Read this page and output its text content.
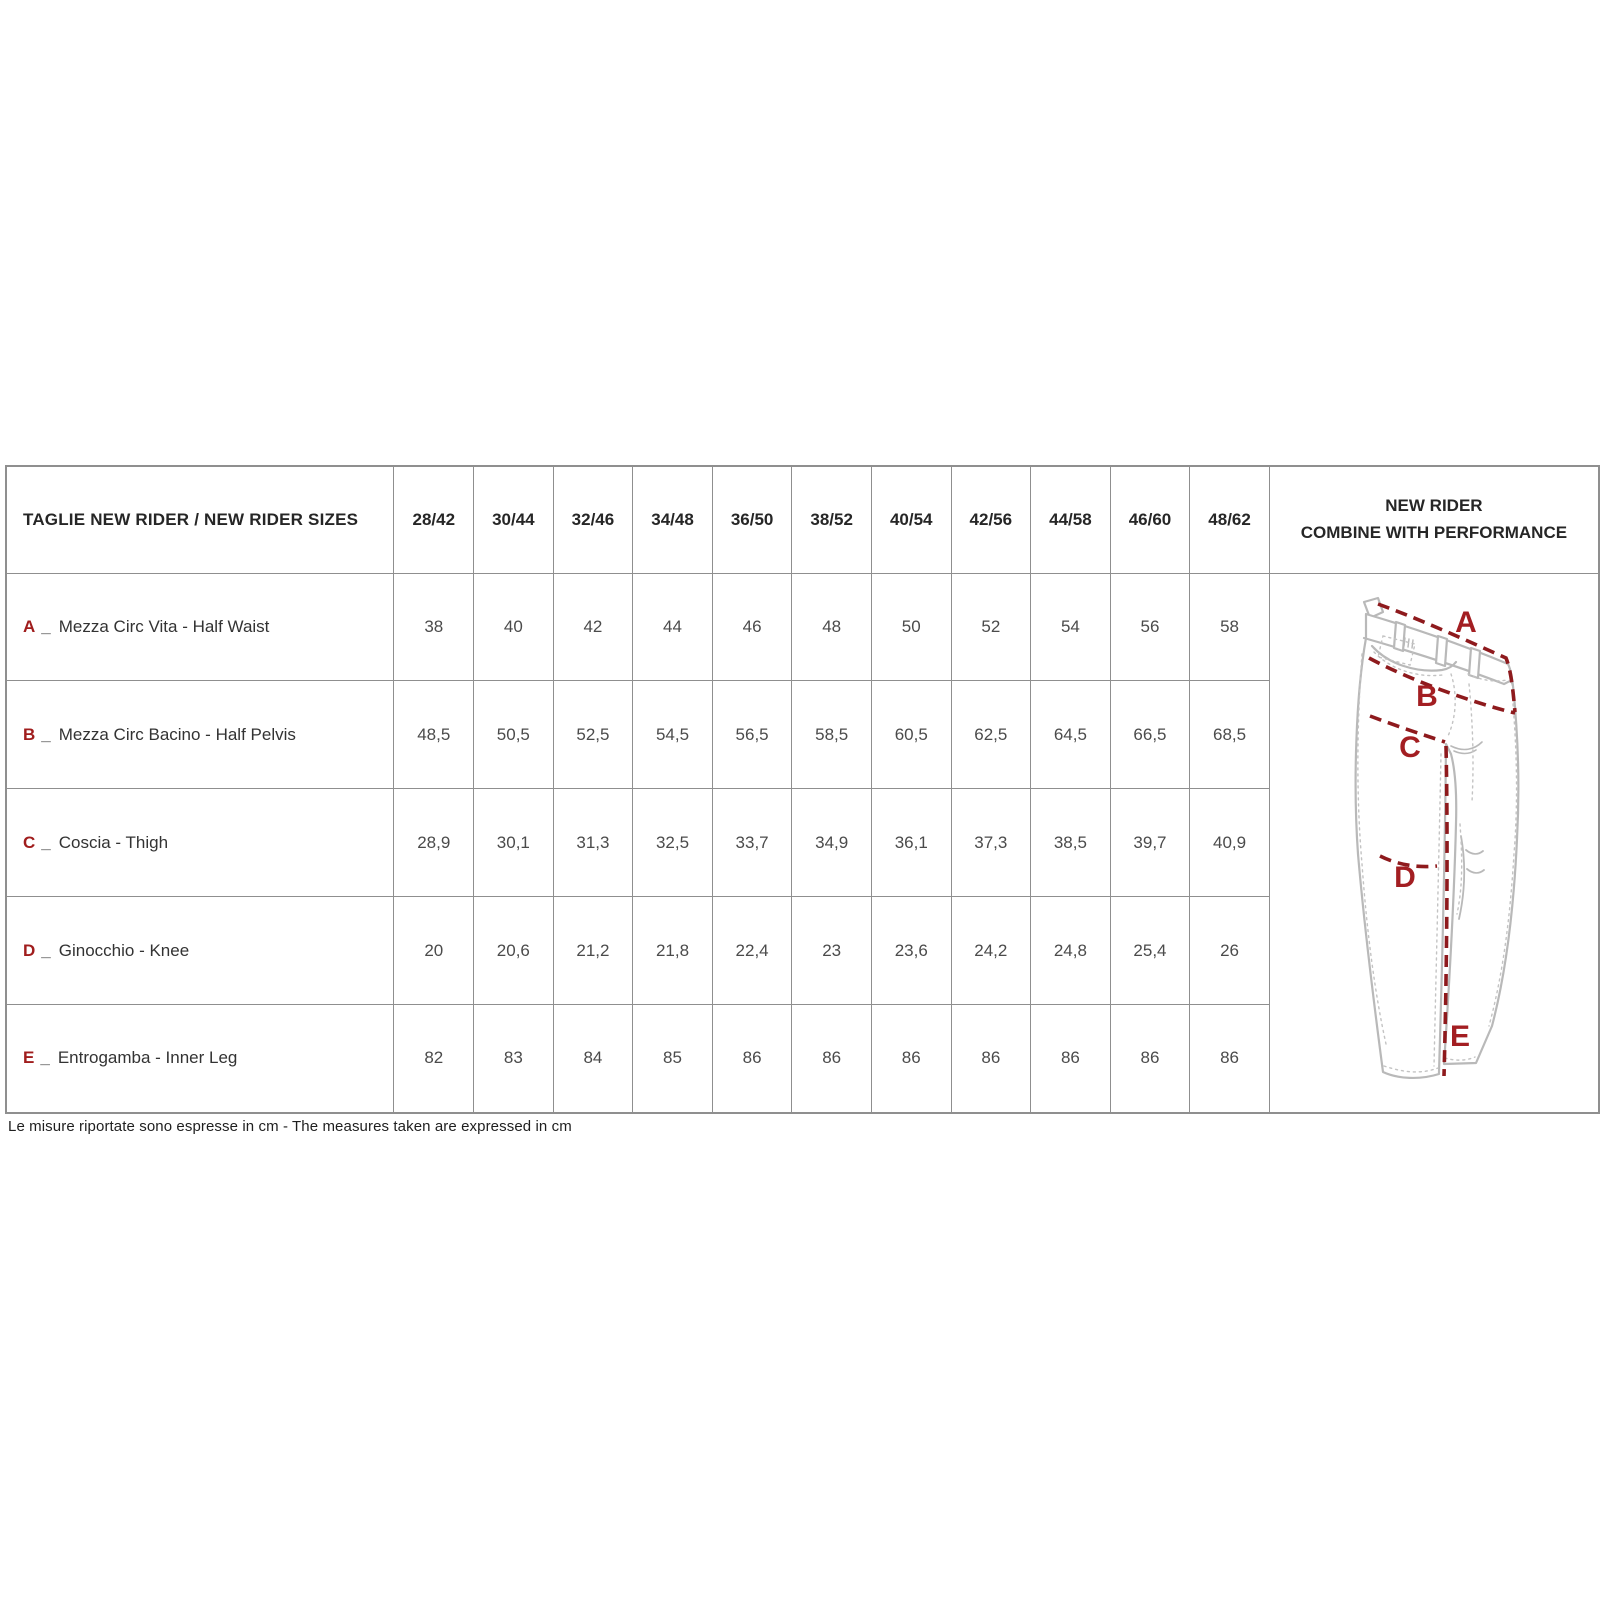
TAGLIE NEW RIDER / NEW RIDER SIZES	28/42	30/44	32/46	34/48	36/50	38/52	40/54	42/56	44/58	46/60	48/62	NEW RIDER
COMBINE WITH PERFORMANCE

A _ Mezza Circ Vita - Half Waist	38	40	42	44	46	48	50	52	54	56	58	A
B
C
D
E

B _ Mezza Circ Bacino - Half Pelvis	48,5	50,5	52,5	54,5	56,5	58,5	60,5	62,5	64,5	66,5	68,5	
C _ Coscia - Thigh	28,9	30,1	31,3	32,5	33,7	34,9	36,1	37,3	38,5	39,7	40,9	
D _ Ginocchio - Knee	20	20,6	21,2	21,8	22,4	23	23,6	24,2	24,8	25,4	26	
E _ Entrogamba - Inner Leg	82	83	84	85	86	86	86	86	86	86	86	
Le misure riportate sono espresse in cm - The measures taken are expressed in cm
